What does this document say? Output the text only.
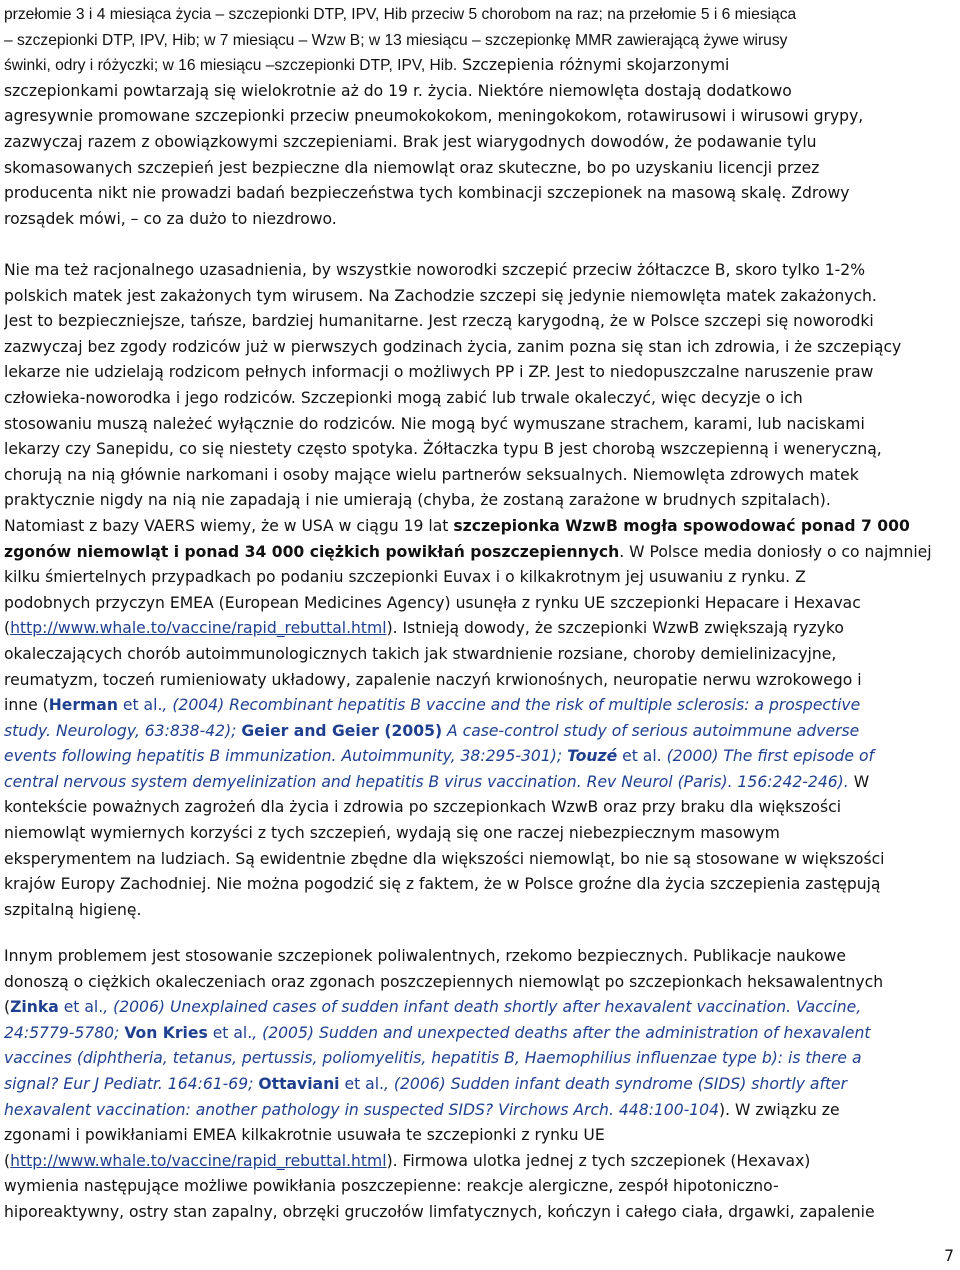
przełomie 3 i 4 miesiąca życia – szczepionki DTP, IPV, Hib przeciw 5 chorobom na raz; na przełomie 5 i 6 miesiąca
– szczepionki DTP, IPV, Hib; w 7 miesiącu – Wzw B; w 13 miesiącu – szczepionkę MMR zawierającą żywe wirusy
świnki, odry i różyczki; w 16 miesiącu –szczepionki DTP, IPV, Hib. Szczepienia różnymi skojarzonymi
szczepionkami powtarzają się wielokrotnie aż do 19 r. życia. Niektóre niemowlęta dostają dodatkowo
agresywnie promowane szczepionki przeciw pneumokokokom, meningokokom, rotawirusowi i wirusowi grypy,
zazwyczaj razem z obowiązkowymi szczepieniami. Brak jest wiarygodnych dowodów, że podawanie tylu
skomasowanych szczepień jest bezpieczne dla niemowląt oraz skuteczne, bo po uzyskaniu licencji przez
producenta nikt nie prowadzi badań bezpieczeństwa tych kombinacji szczepionek na masową skalę. Zdrowy
rozsądek mówi, – co za dużo to niezdrowo.
Nie ma też racjonalnego uzasadnienia, by wszystkie noworodki szczepić przeciw żółtaczce B, skoro tylko 1-2%
polskich matek jest zakażonych tym wirusem. Na Zachodzie szczepi się jedynie niemowlęta matek zakażonych.
Jest to bezpieczniejsze, tańsze, bardziej humanitarne. Jest rzeczą karygodną, że w Polsce szczepi się noworodki
zazwyczaj bez zgody rodziców już w pierwszych godzinach życia, zanim pozna się stan ich zdrowia, i że szczepiący
lekarze nie udzielają rodzicom pełnych informacji o możliwych PP i ZP. Jest to niedopuszczalne naruszenie praw
człowieka-noworodka i jego rodziców. Szczepionki mogą zabić lub trwale okaleczyć, więc decyzje o ich
stosowaniu muszą należeć wyłącznie do rodziców. Nie mogą być wymuszane strachem, karami, lub naciskami
lekarzy czy Sanepidu, co się niestety często spotyka. Żółtaczka typu B jest chorobą wszczepienną i weneryczną,
chorują na nią głównie narkomani i osoby mające wielu partnerów seksualnych. Niemowlęta zdrowych matek
praktycznie nigdy na nią nie zapadają i nie umierają (chyba, że zostaną zarażone w brudnych szpitalach).
Natomiast z bazy VAERS wiemy, że w USA w ciągu 19 lat szczepionka WzwB mogła spowodować ponad 7 000
zgonów niemowląt i ponad 34 000 ciężkich powikłań poszczepiennych. W Polsce media doniosły o co najmniej
kilku śmiertelnych przypadkach po podaniu szczepionki Euvax i o kilkakrotnym jej usuwaniu z rynku. Z
podobnych przyczyn EMEA (European Medicines Agency) usunęła z rynku UE szczepionki Hepacare i Hexavac
(http://www.whale.to/vaccine/rapid_rebuttal.html). Istnieją dowody, że szczepionki WzwB zwiększają ryzyko
okaleczających chorób autoimmunologicznych takich jak stwardnienie rozsiane, choroby demielinizacyjne,
reumatyzm, toczeń rumieniowaty układowy, zapalenie naczyń krwionośnych, neuropatie nerwu wzrokowego i
inne (Herman et al., (2004) Recombinant hepatitis B vaccine and the risk of multiple sclerosis: a prospective
study. Neurology, 63:838-42); Geier and Geier (2005) A case-control study of serious autoimmune adverse
events following hepatitis B immunization. Autoimmunity, 38:295-301); Touzé et al. (2000) The first episode of
central nervous system demyelinization and hepatitis B virus vaccination. Rev Neurol (Paris). 156:242-246). W
kontekście poważnych zagrożeń dla życia i zdrowia po szczepionkach WzwB oraz przy braku dla większości
niemowląt wymiernych korzyści z tych szczepień, wydają się one raczej niebezpiecznym masowym
eksperymentem na ludziach. Są ewidentnie zbędne dla większości niemowląt, bo nie są stosowane w większości
krajów Europy Zachodniej. Nie można pogodzić się z faktem, że w Polsce groźne dla życia szczepienia zastępują
szpitalną higienę.
Innym problemem jest stosowanie szczepionek poliwalentnych, rzekomo bezpiecznych. Publikacje naukowe
donoszą o ciężkich okaleczeniach oraz zgonach poszczepiennych niemowląt po szczepionkach heksawalentnych
(Zinka et al., (2006) Unexplained cases of sudden infant death shortly after hexavalent vaccination. Vaccine,
24:5779-5780; Von Kries et al., (2005) Sudden and unexpected deaths after the administration of hexavalent
vaccines (diphtheria, tetanus, pertussis, poliomyelitis, hepatitis B, Haemophilius influenzae type b): is there a
signal? Eur J Pediatr. 164:61-69; Ottaviani et al., (2006) Sudden infant death syndrome (SIDS) shortly after
hexavalent vaccination: another pathology in suspected SIDS? Virchows Arch. 448:100-104). W związku ze
zgonami i powikłaniami EMEA kilkakrotnie usuwała te szczepionki z rynku UE
(http://www.whale.to/vaccine/rapid_rebuttal.html). Firmowa ulotka jednej z tych szczepionek (Hexavax)
wymienia następujące możliwe powikłania poszczepienne: reakcje alergiczne, zespół hipotoniczno-
hiporeaktywny, ostry stan zapalny, obrzęki gruczołów limfatycznych, kończyn i całego ciała, drgawki, zapalenie
7
